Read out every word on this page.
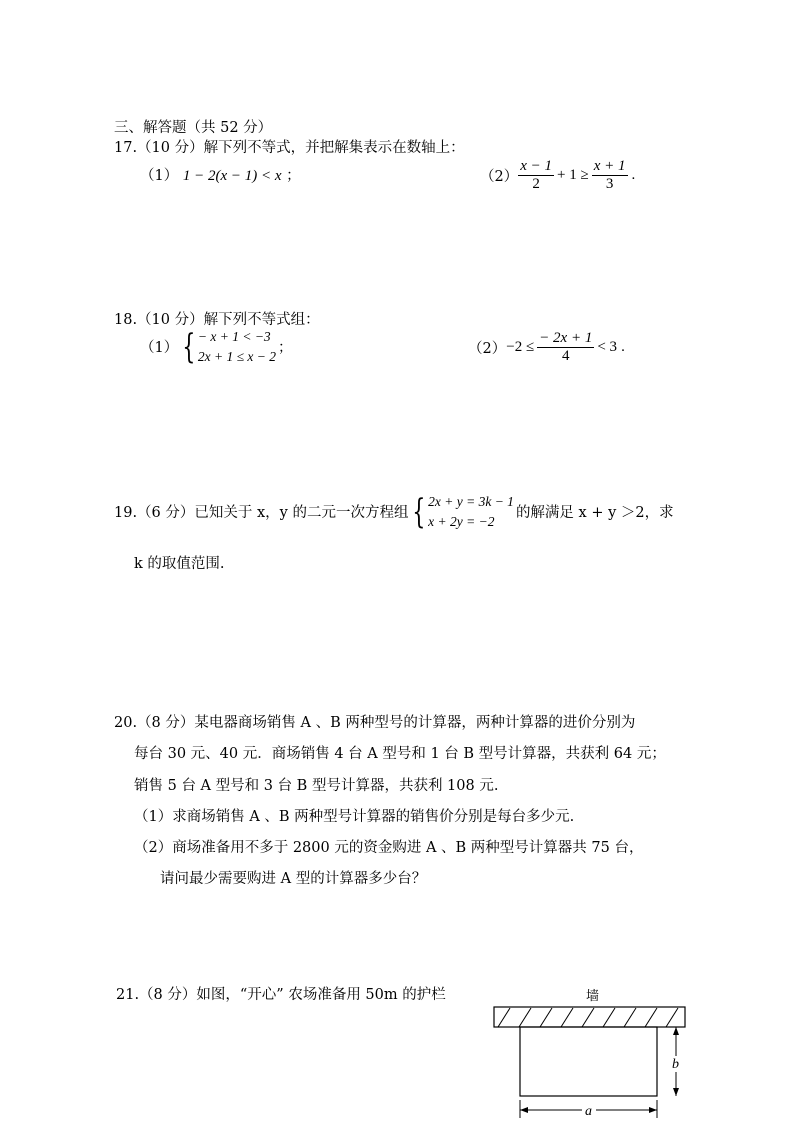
三、解答题（共 52 分）
17.（10 分）解下列不等式，并把解集表示在数轴上：
（1） 1 − 2(x − 1) < x ；	$(2) \frac{x - 1}{2} + 1 \ge \frac{x + 1}{3}$ .
18.（10 分）解下列不等式组：
（1） { − x + 1 < −3
2x + 1 ≤ x − 2 ；	$(2) -2 \le \frac{- 2x + 1}{4} < 3$ .
19.（6 分）已知关于 x，y 的二元一次方程组 { 2x + y = 3k − 1
x + 2y = −2	的解满足 x + y ＞2，求
k 的取值范围.
20.（8 分）某电器商场销售 A 、B 两种型号的计算器，两种计算器的进价分别为
每台 30 元、40 元．商场销售 4 台 A 型号和 1 台 B 型号计算器，共获利 64 元；
销售 5 台 A 型号和 3 台 B 型号计算器，共获利 108 元.
（1）求商场销售 A 、B 两种型号计算器的销售价分别是每台多少元.
（2）商场准备用不多于 2800 元的资金购进 A 、B 两种型号计算器共 75 台，
请问最少需要购进 A 型的计算器多少台？
21.（8 分）如图，“开心” 农场准备用 50m 的护栏	墙
b
a
